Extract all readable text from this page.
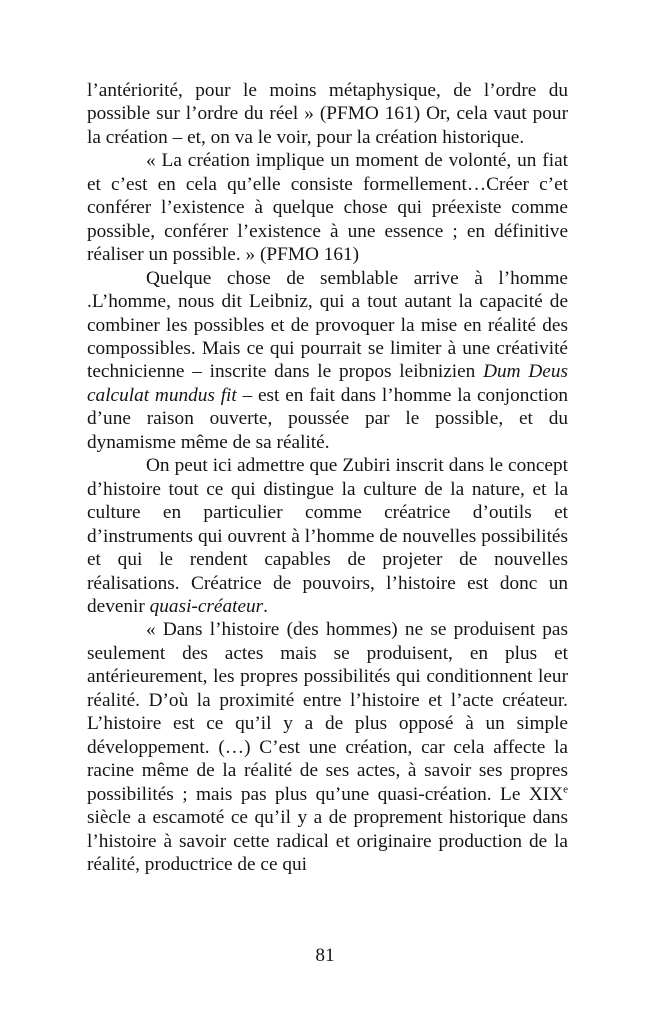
l’antériorité, pour le moins métaphysique, de l’ordre du possible sur l’ordre du réel » (PFMO 161) Or, cela vaut pour la création – et, on va le voir, pour la création historique.

« La création implique un moment de volonté, un fiat et c’est en cela qu’elle consiste formellement…Créer c’et conférer l’existence à quelque chose qui préexiste comme possible, conférer l’existence à une essence ; en définitive réaliser un possible. » (PFMO 161)

Quelque chose de semblable arrive à l’homme .L’homme, nous dit Leibniz, qui a tout autant la capacité de combiner les possibles et de provoquer la mise en réalité des compossibles. Mais ce qui pourrait se limiter à une créativité technicienne – inscrite dans le propos leibnizien Dum Deus calculat mundus fit – est en fait dans l’homme la conjonction d’une raison ouverte, poussée par le possible, et du dynamisme même de sa réalité.

On peut ici admettre que Zubiri inscrit dans le concept d’histoire tout ce qui distingue la culture de la nature, et la culture en particulier comme créatrice d’outils et d’instruments qui ouvrent à l’homme de nouvelles possibilités et qui le rendent capables de projeter de nouvelles réalisations. Créatrice de pouvoirs, l’histoire est donc un devenir quasi-créateur.

« Dans l’histoire (des hommes) ne se produisent pas seulement des actes mais se produisent, en plus et antérieurement, les propres possibilités qui conditionnent leur réalité. D’où la proximité entre l’histoire et l’acte créateur. L’histoire est ce qu’il y a de plus opposé à un simple développement. (…) C’est une création, car cela affecte la racine même de la réalité de ses actes, à savoir ses propres possibilités ; mais pas plus qu’une quasi-création. Le XIXe siècle a escamoté ce qu’il y a de proprement historique dans l’histoire à savoir cette radical et originaire production de la réalité, productrice de ce qui

81
